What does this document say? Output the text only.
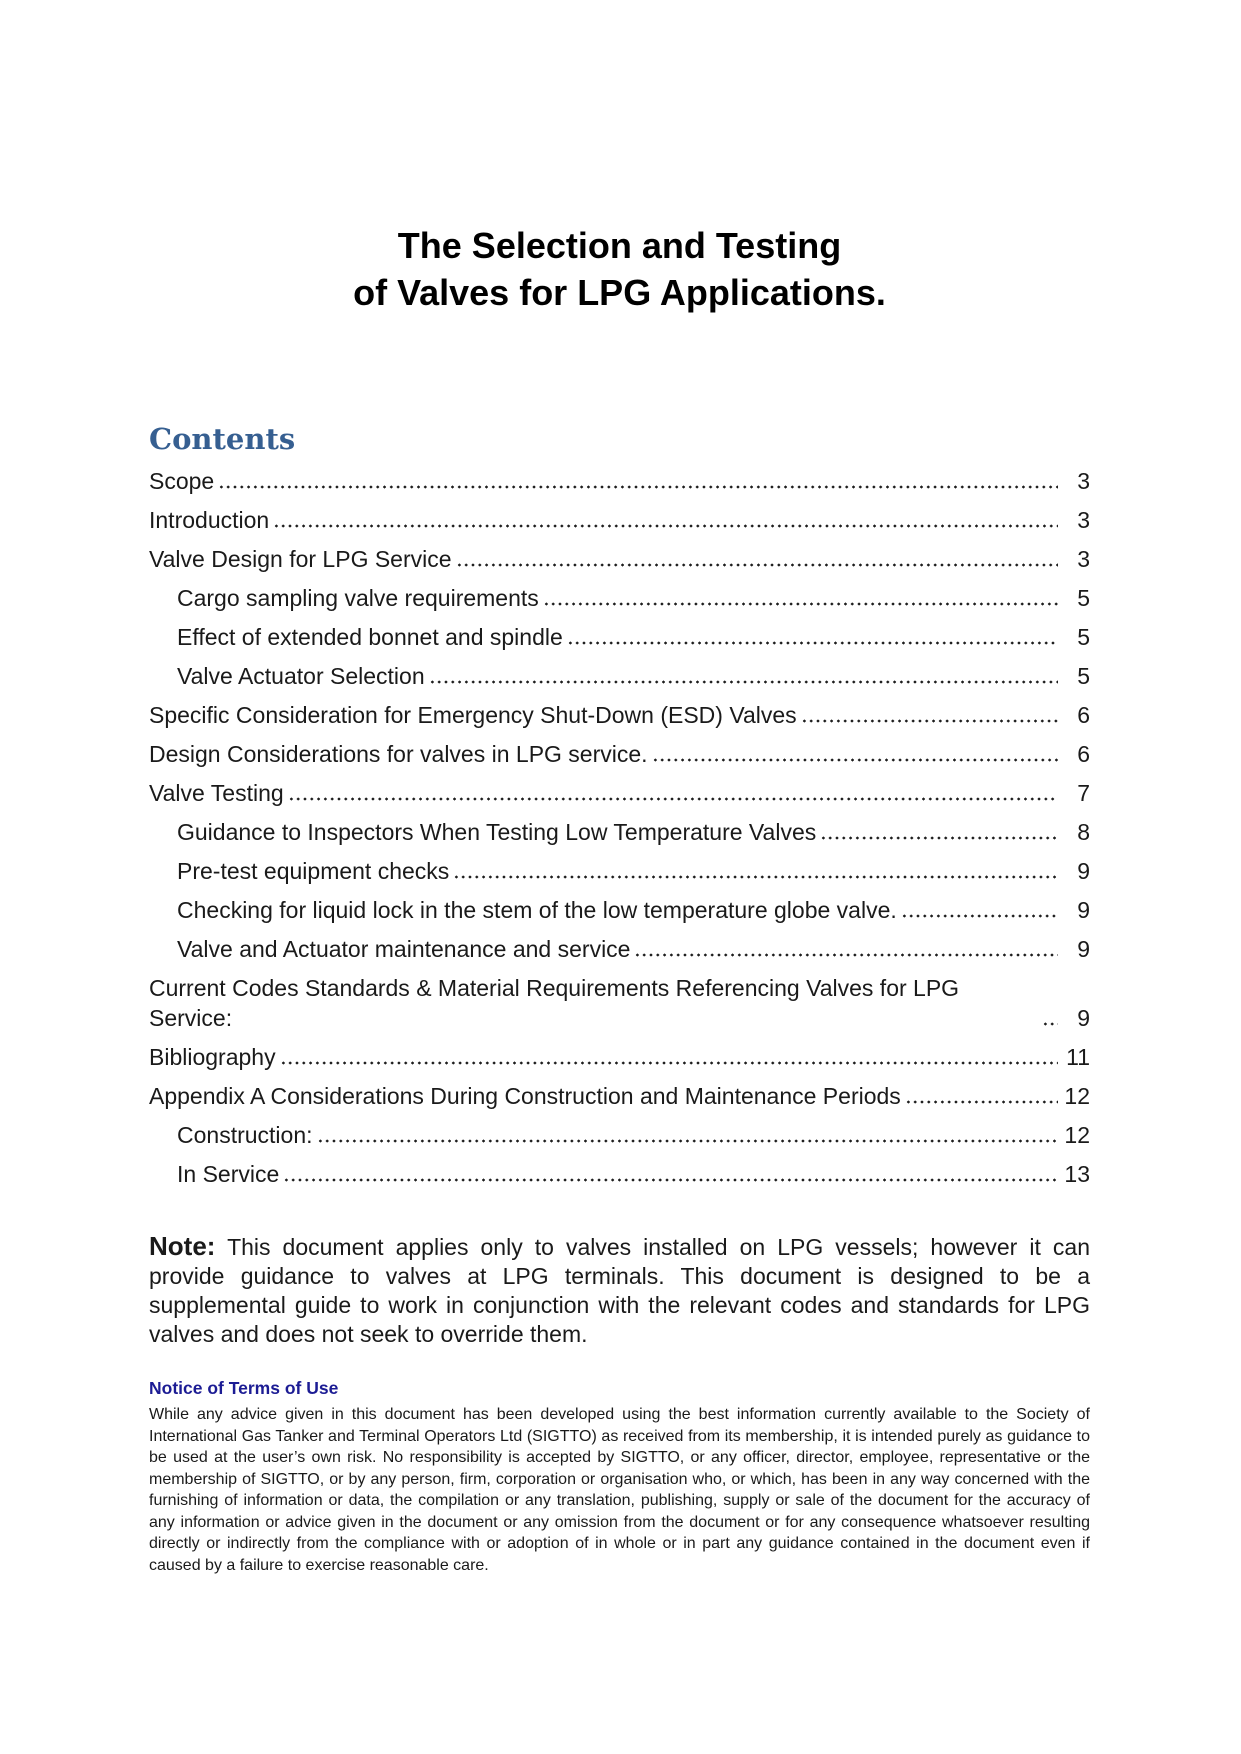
The Selection and Testing
of Valves for LPG Applications.
Contents
Scope	3
Introduction	3
Valve Design for LPG Service	3
Cargo sampling valve requirements	5
Effect of extended bonnet and spindle	5
Valve Actuator Selection	5
Specific Consideration for Emergency Shut-Down (ESD) Valves	6
Design Considerations for valves in LPG service.	6
Valve Testing	7
Guidance to Inspectors When Testing Low Temperature Valves	8
Pre-test equipment checks	9
Checking for liquid lock in the stem of the low temperature globe valve.	9
Valve and Actuator maintenance and service	9
Current Codes Standards & Material Requirements Referencing Valves for LPG Service:	9
Bibliography	11
Appendix A Considerations During Construction and Maintenance Periods	12
Construction:	12
In Service	13

Note: This document applies only to valves installed on LPG vessels; however it can provide guidance to valves at LPG terminals. This document is designed to be a supplemental guide to work in conjunction with the relevant codes and standards for LPG valves and does not seek to override them.

Notice of Terms of Use

While any advice given in this document has been developed using the best information currently available to the Society of International Gas Tanker and Terminal Operators Ltd (SIGTTO) as received from its membership, it is intended purely as guidance to be used at the user’s own risk. No responsibility is accepted by SIGTTO, or any officer, director, employee, representative or the membership of SIGTTO, or by any person, firm, corporation or organisation who, or which, has been in any way concerned with the furnishing of information or data, the compilation or any translation, publishing, supply or sale of the document for the accuracy of any information or advice given in the document or any omission from the document or for any consequence whatsoever resulting directly or indirectly from the compliance with or adoption of in whole or in part any guidance contained in the document even if caused by a failure to exercise reasonable care.
